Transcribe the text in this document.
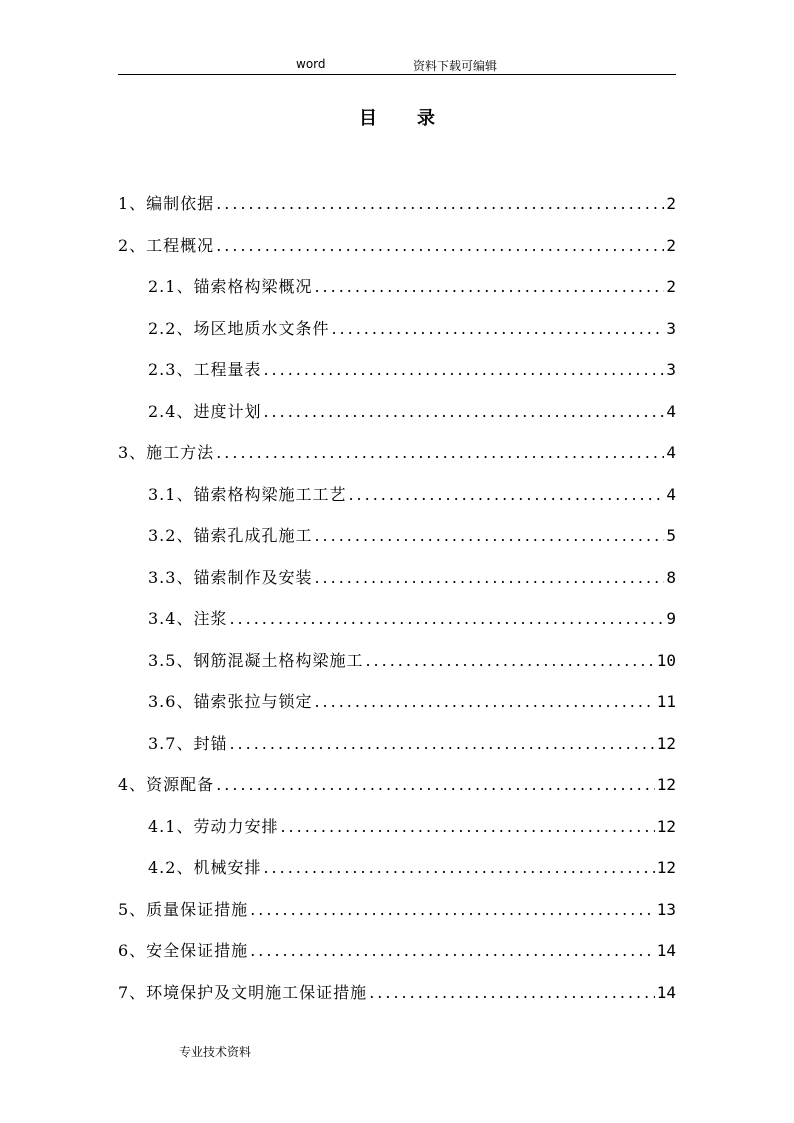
word	资料下载可编辑
目录
1、编制依据 .....	2
2、工程概况 .....	2
2.1、锚索格构梁概况 .....	2
2.2、场区地质水文条件 .....	3
2.3、工程量表 .....	3
2.4、进度计划 .....	4
3、施工方法 .....	4
3.1、锚索格构梁施工工艺 .....	4
3.2、锚索孔成孔施工 .....	5
3.3、锚索制作及安装 .....	8
3.4、注浆 .....	9
3.5、钢筋混凝土格构梁施工 .....	10
3.6、锚索张拉与锁定 .....	11
3.7、封锚 .....	12
4、资源配备 .....	12
4.1、劳动力安排 .....	12
4.2、机械安排 .....	12
5、质量保证措施 .....	13
6、安全保证措施 .....	14
7、环境保护及文明施工保证措施 .....	14
专业技术资料
